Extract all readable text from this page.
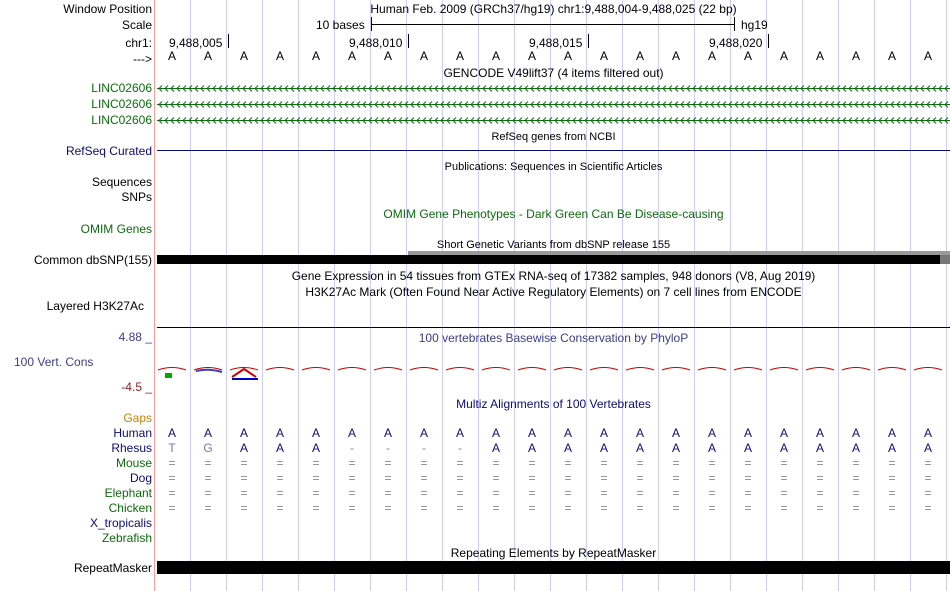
Window Position	Human Feb. 2009 (GRCh37/hg19) chr1:9,488,004-9,488,025 (22 bp)
Scale	10 bases	hg19
chr1: 9,488,005	9,488,010	9,488,015	9,488,020
--->	A	A	A	A	A	A	A	A	A	A	A	A	A	A	A	A	A	A	A	A	A	A
GENCODE V49lift37 (4 items filtered out)
LINC02606
LINC02606
LINC02606
RefSeq genes from NCBI
RefSeq Curated
Publications: Sequences in Scientific Articles
Sequences
SNPs
OMIM Gene Phenotypes - Dark Green Can Be Disease-causing
OMIM Genes
Short Genetic Variants from dbSNP release 155
Common dbSNP(155)
Gene Expression in 54 tissues from GTEx RNA-seq of 17382 samples, 948 donors (V8, Aug 2019)
H3K27Ac Mark (Often Found Near Active Regulatory Elements) on 7 cell lines from ENCODE
Layered H3K27Ac
100 vertebrates Basewise Conservation by PhyloP
4.88 _
100 Vert. Cons
-4.5 _
Multiz Alignments of 100 Vertebrates
Gaps
Human	A	A	A	A	A	A	A	A	A	A	A	A	A	A	A	A	A	A	A	A	A	A
Rhesus	T	G	A	A	A	-	-	-	-	A	A	A	A	A	A	A	A	A	A	A	A	A
Mouse	=	=	=	=	=	=	=	=	=	=	=	=	=	=	=	=	=	=	=	=	=	=
Dog	=	=	=	=	=	=	=	=	=	=	=	=	=	=	=	=	=	=	=	=	=	=
Elephant	=	=	=	=	=	=	=	=	=	=	=	=	=	=	=	=	=	=	=	=	=	=
Chicken	=	=	=	=	=	=	=	=	=	=	=	=	=	=	=	=	=	=	=	=	=	=
X_tropicalis
Zebrafish
Repeating Elements by RepeatMasker
RepeatMasker
